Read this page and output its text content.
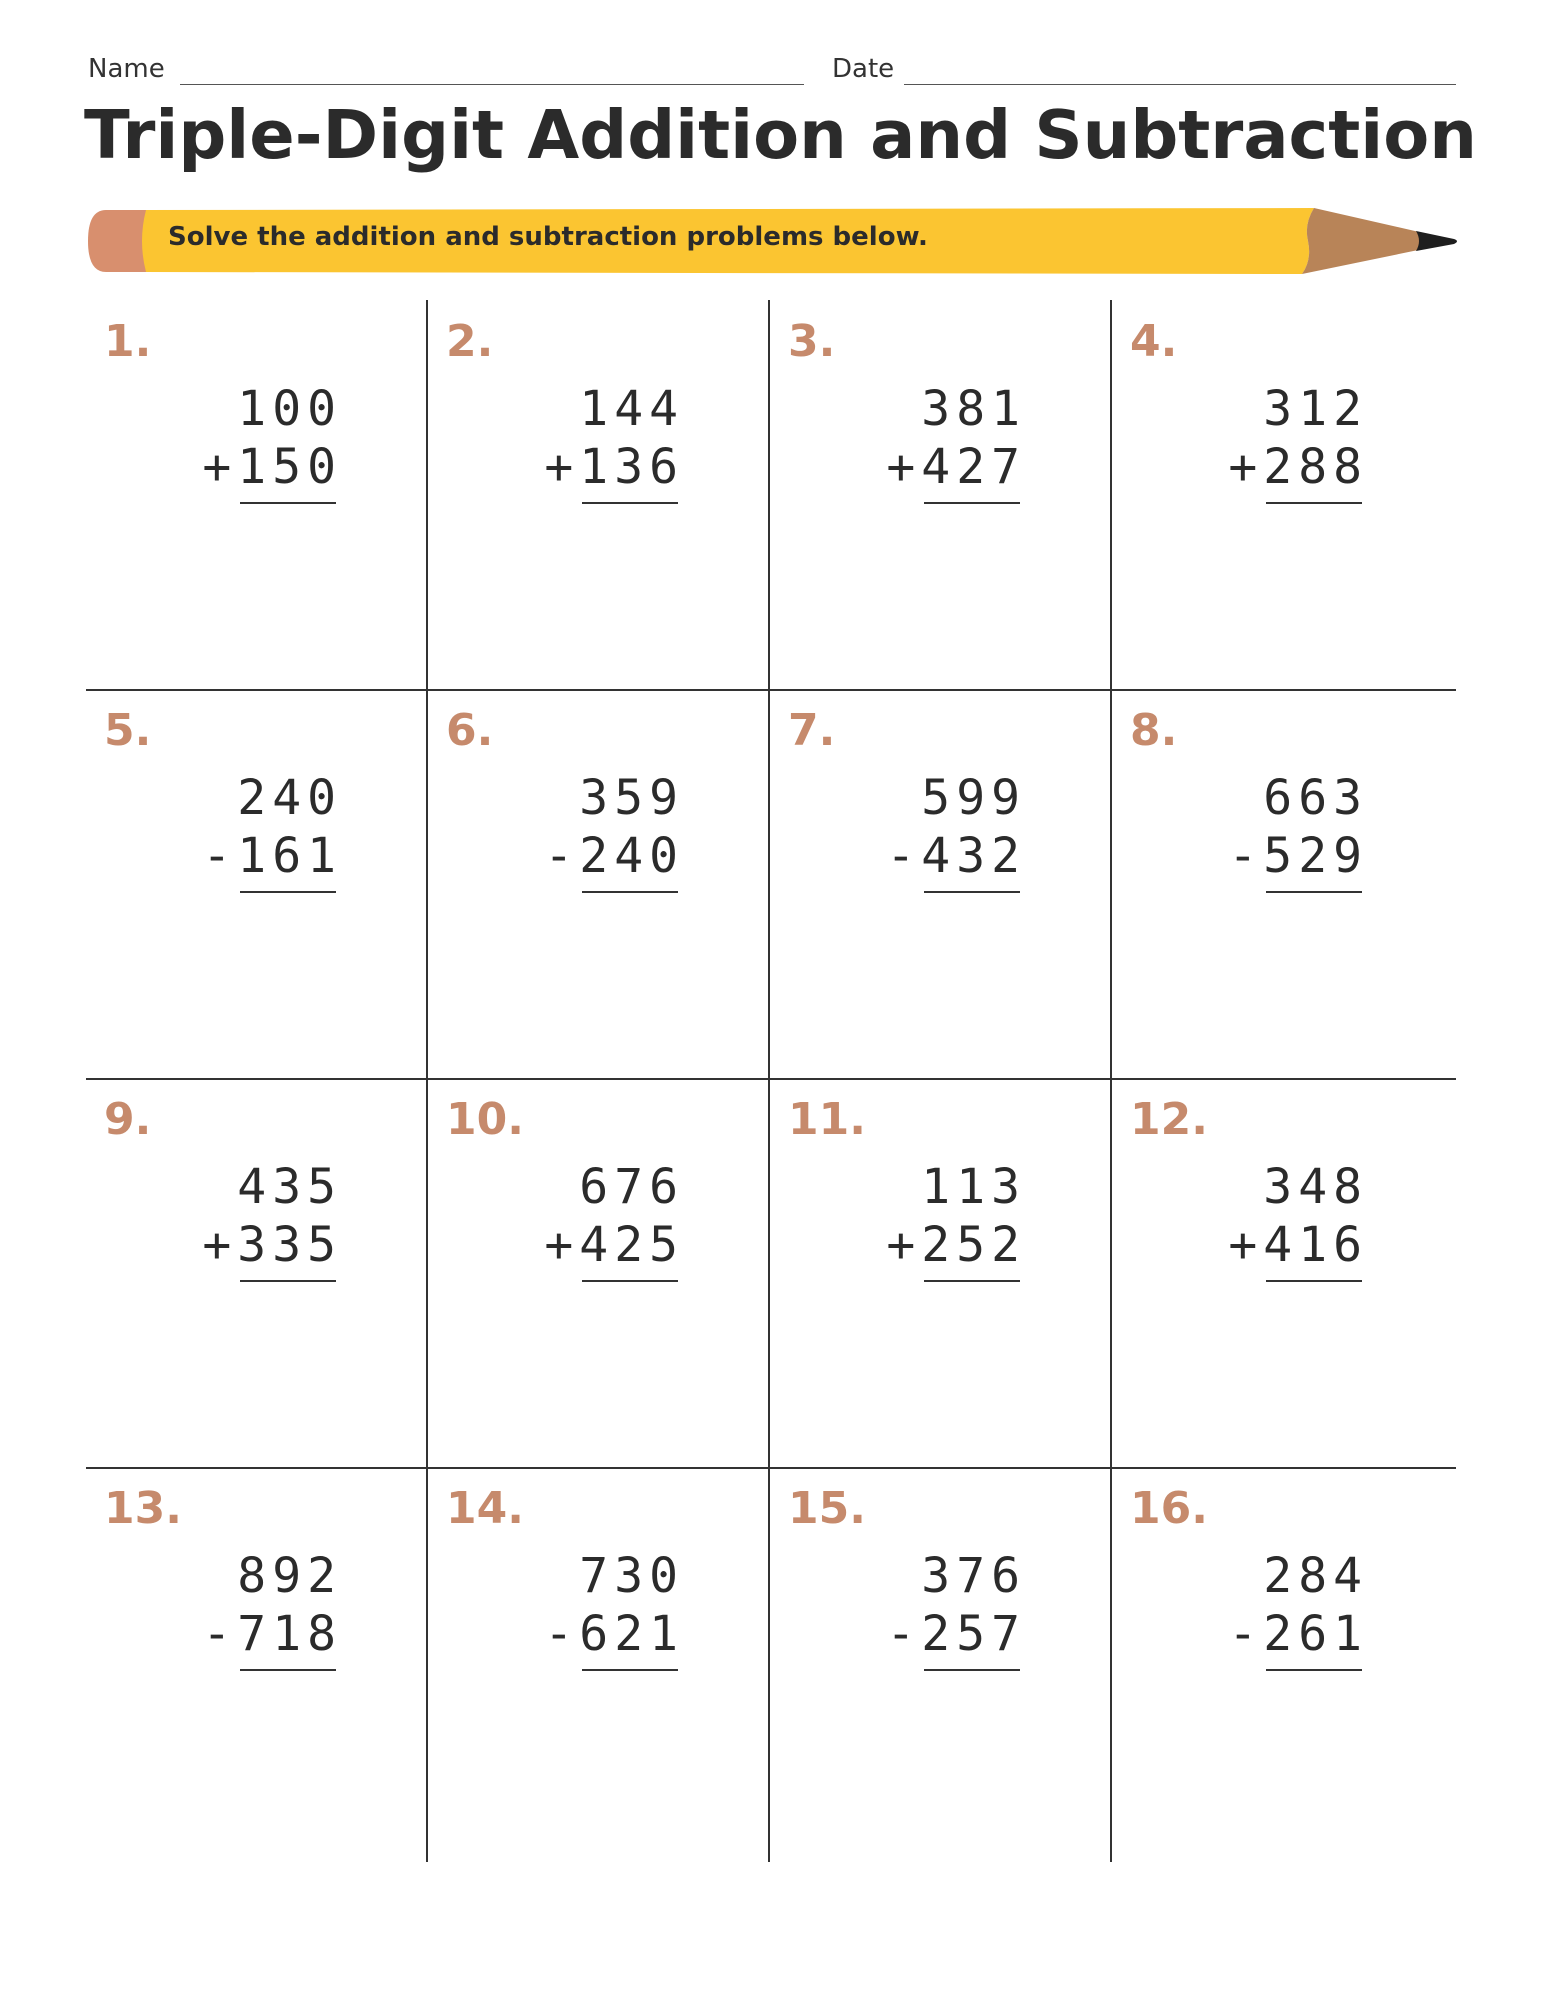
Name	Date
Triple-Digit Addition and Subtraction
Solve the addition and subtraction problems below.
1.
100
+150
2.
144
+136
3.
381
+427
4.
312
+288
5.
240
-161
6.
359
-240
7.
599
-432
8.
663
-529
9.
435
+335
10.
676
+425
11.
113
+252
12.
348
+416
13.
892
-718
14.
730
-621
15.
376
-257
16.
284
-261
